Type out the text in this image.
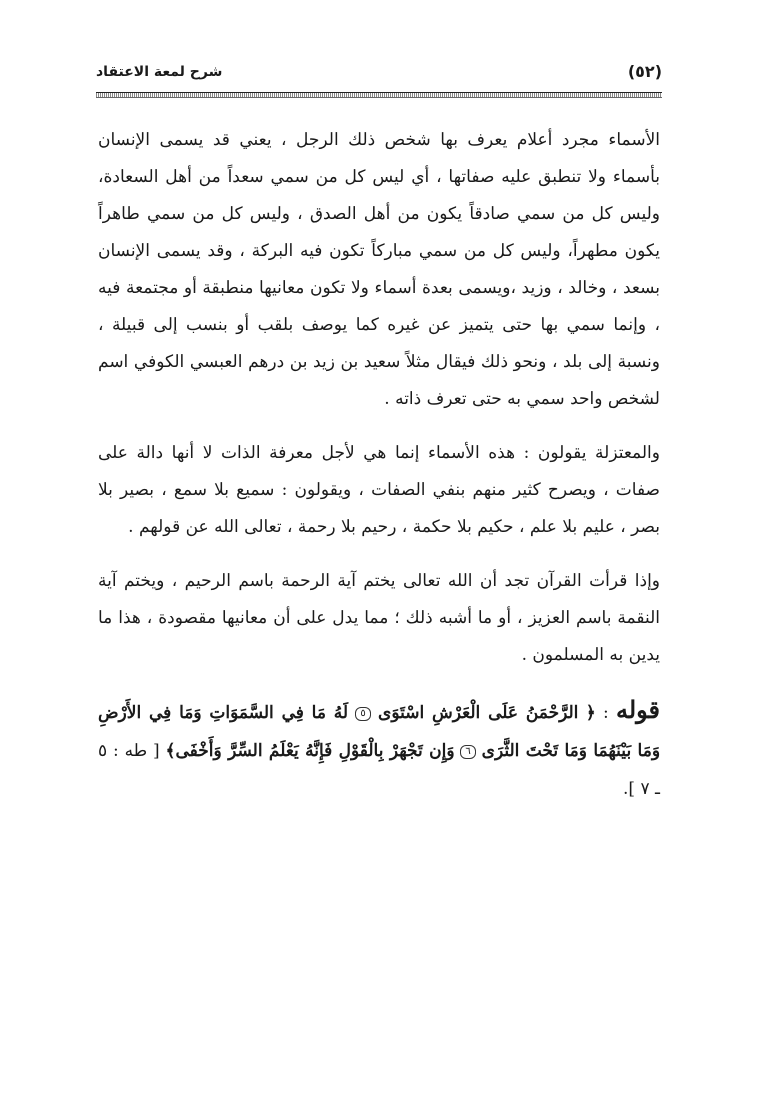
شرح لمعة الاعتقاد	(٥٢)

الأسماء مجرد أعلام يعرف بها شخص ذلك الرجل ، يعني قد يسمى الإنسان بأسماء ولا تنطبق عليه صفاتها ، أي ليس كل من سمي سعداً من أهل السعادة، وليس كل من سمي صادقاً يكون من أهل الصدق ، وليس كل من سمي طاهراً يكون مطهراً، وليس كل من سمي مباركاً تكون فيه البركة ، وقد يسمى الإنسان بسعد ، وخالد ، وزيد ،ويسمى بعدة أسماء ولا تكون معانيها منطبقة أو مجتمعة فيه ، وإنما سمي بها حتى يتميز عن غيره كما يوصف بلقب أو بنسب إلى قبيلة ، ونسبة إلى بلد ، ونحو ذلك فيقال مثلاً سعيد بن زيد بن درهم العبسي الكوفي اسم لشخص واحد سمي به حتى تعرف ذاته .

والمعتزلة يقولون : هذه الأسماء إنما هي لأجل معرفة الذات لا أنها دالة على صفات ، ويصرح كثير منهم بنفي الصفات ، ويقولون : سميع بلا سمع ، بصير بلا بصر ، عليم بلا علم ، حكيم بلا حكمة ، رحيم بلا رحمة ، تعالى الله عن قولهم .

وإذا قرأت القرآن تجد أن الله تعالى يختم آية الرحمة باسم الرحيم ، ويختم آية النقمة باسم العزيز ، أو ما أشبه ذلك ؛ مما يدل على أن معانيها مقصودة ، هذا ما يدين به المسلمون .

قوله : ﴿ الرَّحْمَنُ عَلَى الْعَرْشِ اسْتَوَى ٥ لَهُ مَا فِي السَّمَوَاتِ وَمَا فِي الأَرْضِ وَمَا بَيْنَهُمَا وَمَا تَحْتَ الثَّرَى ٦ وَإِن تَجْهَرْ بِالْقَوْلِ فَإِنَّهُ يَعْلَمُ السِّرَّ وَأَخْفَى﴾ [ طه : ٥ ـ ٧ ].
